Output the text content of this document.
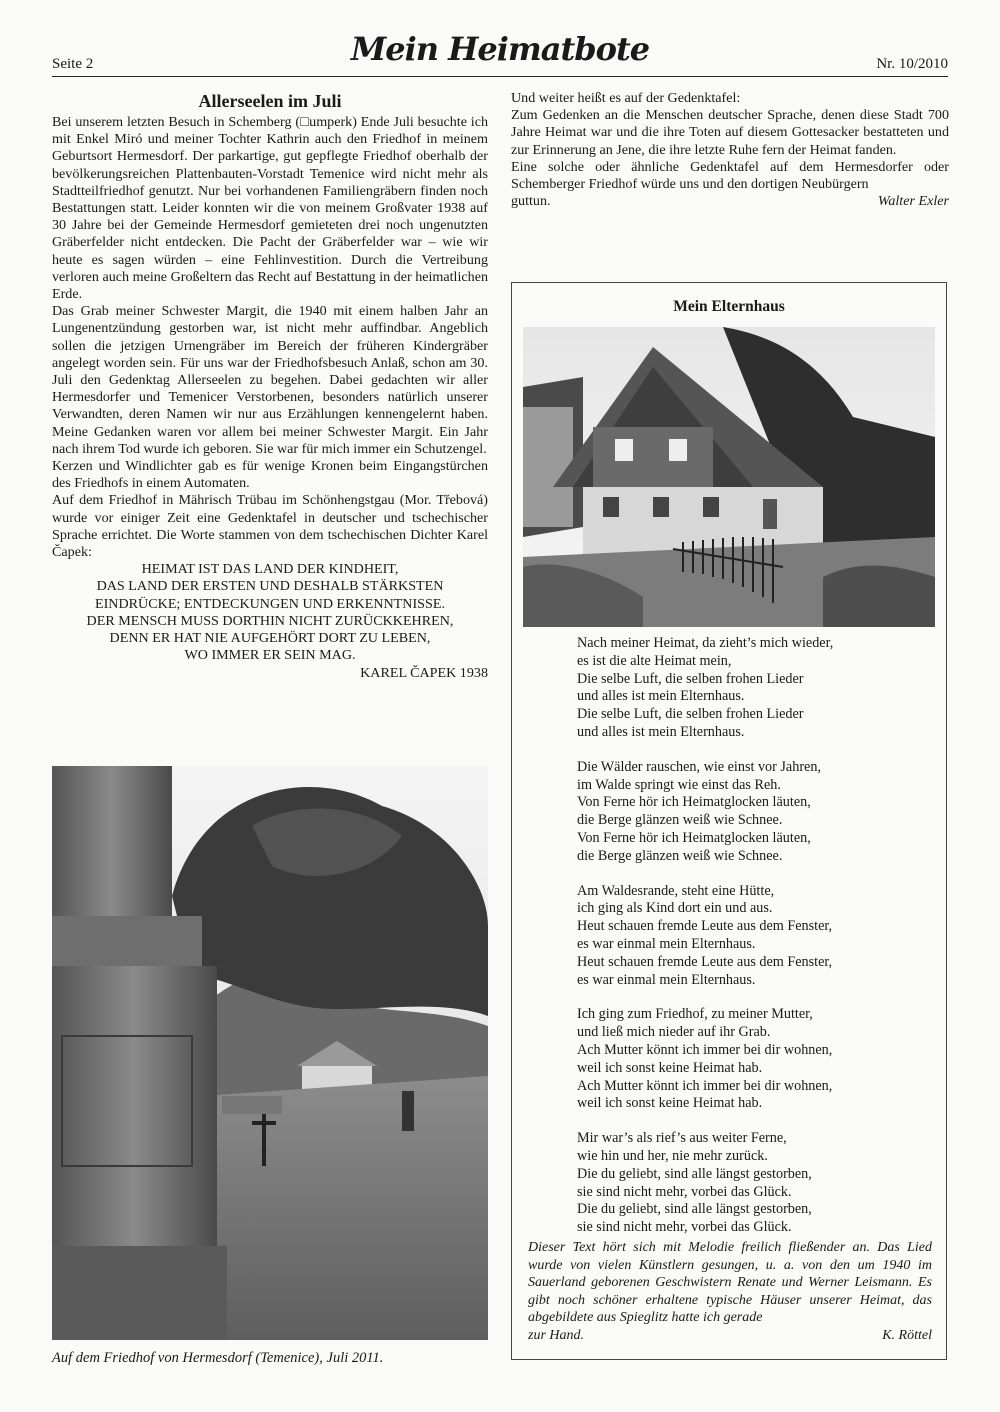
Seite 2	Mein Heimatbote	Nr. 10/2010
Allerseelen im Juli

Bei unserem letzten Besuch in Schemberg (□umperk) Ende Juli besuchte ich mit Enkel Miró und meiner Tochter Kathrin auch den Friedhof in meinem Geburtsort Hermesdorf. Der parkartige, gut gepflegte Friedhof oberhalb der bevölkerungsreichen Plattenbauten-Vorstadt Temenice wird nicht mehr als Stadtteilfriedhof genutzt. Nur bei vorhandenen Familiengräbern finden noch Bestattungen statt. Leider konnten wir die von meinem Großvater 1938 auf 30 Jahre bei der Gemeinde Hermesdorf gemieteten drei noch ungenutzten Gräberfelder nicht entdecken. Die Pacht der Gräberfelder war – wie wir heute es sagen würden – eine Fehlinvestition. Durch die Vertreibung verloren auch meine Großeltern das Recht auf Bestattung in der heimatlichen Erde.

Das Grab meiner Schwester Margit, die 1940 mit einem halben Jahr an Lungenentzündung gestorben war, ist nicht mehr auffindbar. Angeblich sollen die jetzigen Urnengräber im Bereich der früheren Kindergräber angelegt worden sein. Für uns war der Friedhofsbesuch Anlaß, schon am 30. Juli den Gedenktag Allerseelen zu begehen. Dabei gedachten wir aller Hermesdorfer und Temenicer Verstorbenen, besonders natürlich unserer Verwandten, deren Namen wir nur aus Erzählungen kennengelernt haben. Meine Gedanken waren vor allem bei meiner Schwester Margit. Ein Jahr nach ihrem Tod wurde ich geboren. Sie war für mich immer ein Schutzengel.

Kerzen und Windlichter gab es für wenige Kronen beim Eingangstürchen des Friedhofs in einem Automaten.

Auf dem Friedhof in Mährisch Trübau im Schönhengstgau (Mor. Třebová) wurde vor einiger Zeit eine Gedenktafel in deutscher und tschechischer Sprache errichtet. Die Worte stammen von dem tschechischen Dichter Karel Čapek:

HEIMAT IST DAS LAND DER KINDHEIT,

DAS LAND DER ERSTEN UND DESHALB STÄRKSTEN

EINDRÜCKE; ENTDECKUNGEN UND ERKENNTNISSE.

DER MENSCH MUSS DORTHIN NICHT ZURÜCKKEHREN,

DENN ER HAT NIE AUFGEHÖRT DORT ZU LEBEN,

WO IMMER ER SEIN MAG.

KAREL ČAPEK 1938

Auf dem Friedhof von Hermesdorf (Temenice), Juli 2011.

Und weiter heißt es auf der Gedenktafel:

Zum Gedenken an die Menschen deutscher Sprache, denen diese Stadt 700 Jahre Heimat war und die ihre Toten auf diesem Gottesacker bestatteten und zur Erinnerung an Jene, die ihre letzte Ruhe fern der Heimat fanden.

Eine solche oder ähnliche Gedenktafel auf dem Hermesdorfer oder Schemberger Friedhof würde uns und den dortigen Neubürgern

guttun.	Walter Exler
Mein Elternhaus
Nach meiner Heimat, da zieht’s mich wieder,
es ist die alte Heimat mein,
Die selbe Luft, die selben frohen Lieder
und alles ist mein Elternhaus.
Die selbe Luft, die selben frohen Lieder
und alles ist mein Elternhaus.
Die Wälder rauschen, wie einst vor Jahren,
im Walde springt wie einst das Reh.
Von Ferne hör ich Heimatglocken läuten,
die Berge glänzen weiß wie Schnee.
Von Ferne hör ich Heimatglocken läuten,
die Berge glänzen weiß wie Schnee.
Am Waldesrande, steht eine Hütte,
ich ging als Kind dort ein und aus.
Heut schauen fremde Leute aus dem Fenster,
es war einmal mein Elternhaus.
Heut schauen fremde Leute aus dem Fenster,
es war einmal mein Elternhaus.
Ich ging zum Friedhof, zu meiner Mutter,
und ließ mich nieder auf ihr Grab.
Ach Mutter könnt ich immer bei dir wohnen,
weil ich sonst keine Heimat hab.
Ach Mutter könnt ich immer bei dir wohnen,
weil ich sonst keine Heimat hab.
Mir war’s als rief’s aus weiter Ferne,
wie hin und her, nie mehr zurück.
Die du geliebt, sind alle längst gestorben,
sie sind nicht mehr, vorbei das Glück.
Die du geliebt, sind alle längst gestorben,
sie sind nicht mehr, vorbei das Glück.
Dieser Text hört sich mit Melodie freilich fließender an. Das Lied wurde von vielen Künstlern gesungen, u. a. von den um 1940 im Sauerland geborenen Geschwistern Renate und Werner Leismann. Es gibt noch schöner erhaltene typische Häuser unserer Heimat, das abgebildete aus Spieglitz hatte ich gerade
zur Hand.	K. Röttel
